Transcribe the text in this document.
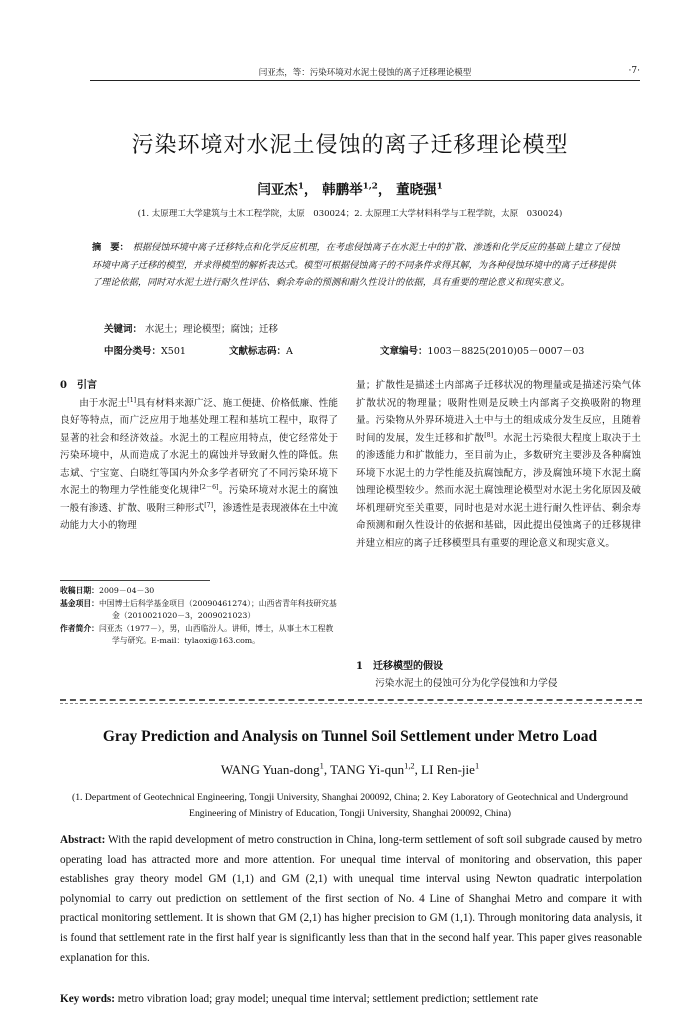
闫亚杰，等：污染环境对水泥土侵蚀的离子迁移理论模型	·7·
污染环境对水泥土侵蚀的离子迁移理论模型
闫亚杰$^1$， 韩鹏举$^{1,2}$， 董晓强$^1$
(1. 太原理工大学建筑与土木工程学院，太原　030024；2. 太原理工大学材料科学与工程学院，太原　030024)
摘　要： 根据侵蚀环境中离子迁移特点和化学反应机理，在考虑侵蚀离子在水泥土中的扩散、渗透和化学反应的基础上建立了侵蚀环境中离子迁移的模型，并求得模型的解析表达式。模型可根据侵蚀离子的不同条件求得其解，为各种侵蚀环境中的离子迁移提供了理论依据，同时对水泥土进行耐久性评估、剩余寿命的预测和耐久性设计的依据，具有重要的理论意义和现实意义。
关键词： 水泥土；理论模型；腐蚀；迁移
中图分类号：X501	文献标志码：A	文章编号：1003－8825(2010)05－0007－03
0　引言

由于水泥土[1]具有材料来源广泛、施工便捷、价格低廉、性能良好等特点，而广泛应用于地基处理工程和基坑工程中，取得了显著的社会和经济效益。水泥土的工程应用特点，使它经常处于污染环境中，从而造成了水泥土的腐蚀并导致耐久性的降低。焦志斌、宁宝宽、白晓红等国内外众多学者研究了不同污染环境下水泥土的物理力学性能变化规律[2－6]。污染环境对水泥土的腐蚀一般有渗透、扩散、吸附三种形式[7]，渗透性是表现液体在土中流动能力大小的物理

量；扩散性是描述土内部离子迁移状况的物理量或是描述污染气体扩散状况的物理量；吸附性则是反映土内部离子交换吸附的物理量。污染物从外界环境进入土中与土的组成成分发生反应，且随着时间的发展，发生迁移和扩散[8]。水泥土污染很大程度上取决于土的渗透能力和扩散能力，至目前为止，多数研究主要涉及各种腐蚀环境下水泥土的力学性能及抗腐蚀配方，涉及腐蚀环境下水泥土腐蚀理论模型较少。然而水泥土腐蚀理论模型对水泥土劣化原因及破坏机理研究至关重要，同时也是对水泥土进行耐久性评估、剩余寿命预测和耐久性设计的依据和基础，因此提出侵蚀离子的迁移规律并建立相应的离子迁移模型具有重要的理论意义和现实意义。

收稿日期：2009－04－30
基金项目：中国博士后科学基金项目（20090461274）；山西省青年科技研究基金（2010021020－3，2009021023）
作者简介：闫亚杰（1977－），男，山西临汾人。讲师，博士，从事土木工程教学与研究。E-mail：tylaoxi@163.com。
1　迁移模型的假设
污染水泥土的侵蚀可分为化学侵蚀和力学侵
Gray Prediction and Analysis on Tunnel Soil Settlement under Metro Load
WANG Yuan-dong$^1$, TANG Yi-qun$^{1,2}$, LI Ren-jie$^1$
(1. Department of Geotechnical Engineering, Tongji University, Shanghai 200092, China; 2. Key Laboratory of Geotechnical and Underground Engineering of Ministry of Education, Tongji University, Shanghai 200092, China)
Abstract: With the rapid development of metro construction in China, long-term settlement of soft soil subgrade caused by metro operating load has attracted more and more attention. For unequal time interval of monitoring and observation, this paper establishes gray theory model GM (1,1) and GM (2,1) with unequal time interval using Newton quadratic interpolation polynomial to carry out prediction on settlement of the first section of No. 4 Line of Shanghai Metro and compare it with practical monitoring settlement. It is shown that GM (2,1) has higher precision to GM (1,1). Through monitoring data analysis, it is found that settlement rate in the first half year is significantly less than that in the second half year. This paper gives reasonable explanation for this.
Key words: metro vibration load; gray model; unequal time interval; settlement prediction; settlement rate
